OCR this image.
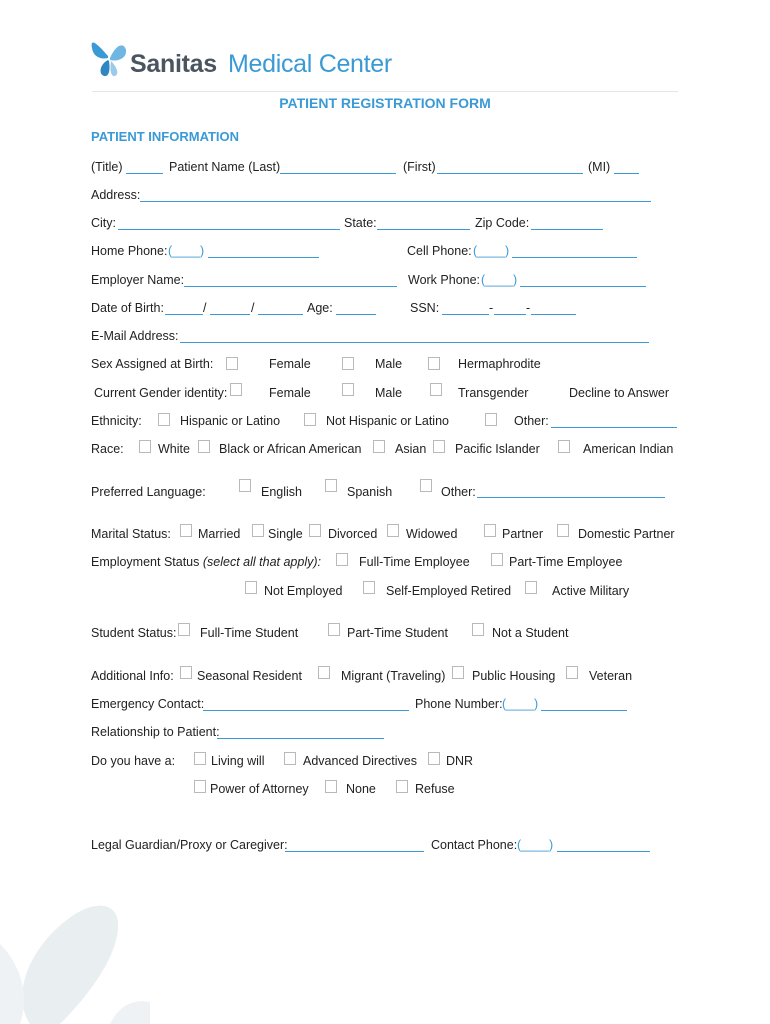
Sanitas Medical Center
PATIENT REGISTRATION FORM
PATIENT INFORMATION
(Title)	Patient Name (Last)	(First)	(MI)
Address:
City:	State:	Zip Code:
Home Phone: (____)	Cell Phone: (____)
Employer Name:	Work Phone: (____)
Date of Birth:	/	/	Age:	SSN:	-	-
E-Mail Address:
Sex Assigned at Birth:	Female	Male	Hermaphrodite
Current Gender identity:	Female	Male	Transgender	Decline to Answer
Ethnicity:	Hispanic or Latino	Not Hispanic or Latino	Other:
Race:	White Black or African American	Asian Pacific Islander	American Indian
Preferred Language:	English	Spanish	Other:
Marital Status: Married Single Divorced Widowed	Partner	Domestic Partner
Employment Status (select all that apply):	Full-Time Employee	Part-Time Employee
Not Employed	Self-Employed Retired	Active Military
Student Status: Full-Time Student	Part-Time Student	Not a Student
Additional Info: Seasonal Resident	Migrant (Traveling) Public Housing	Veteran
Emergency Contact:	Phone Number: (____)
Relationship to Patient:
Do you have a:	Living will	Advanced Directives DNR
Power of Attorney	None	Refuse
Legal Guardian/Proxy or Caregiver:	Contact Phone: (____)
